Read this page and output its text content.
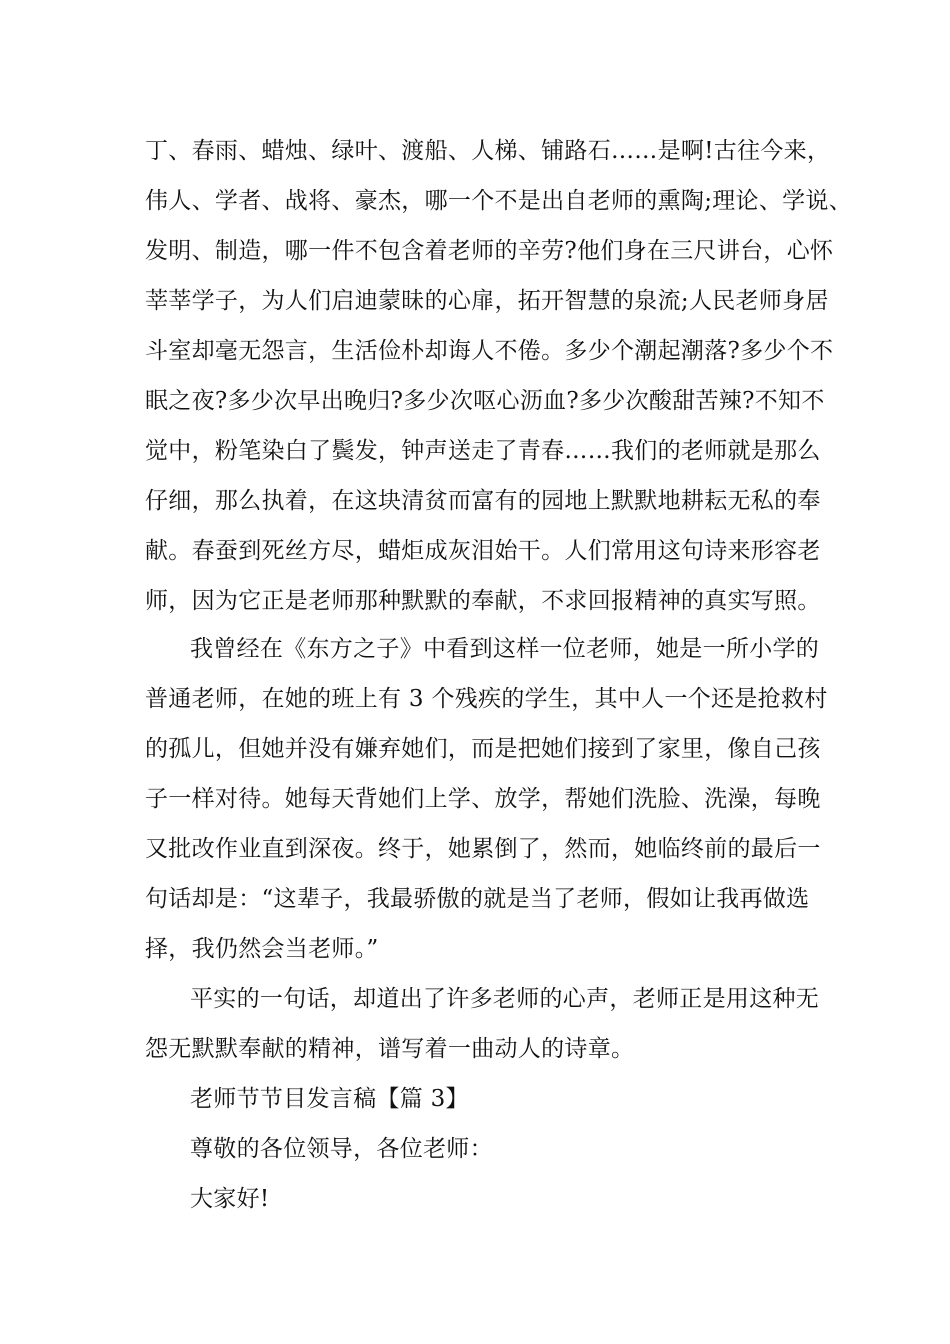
丁、春雨、蜡烛、绿叶、渡船、人梯、铺路石……是啊!古往今来，
伟人、学者、战将、豪杰，哪一个不是出自老师的熏陶;理论、学说、
发明、制造，哪一件不包含着老师的辛劳?他们身在三尺讲台，心怀
莘莘学子，为人们启迪蒙昧的心扉，拓开智慧的泉流;人民老师身居
斗室却毫无怨言，生活俭朴却诲人不倦。多少个潮起潮落?多少个不
眠之夜?多少次早出晚归?多少次呕心沥血?多少次酸甜苦辣?不知不
觉中，粉笔染白了鬓发，钟声送走了青春……我们的老师就是那么
仔细，那么执着，在这块清贫而富有的园地上默默地耕耘无私的奉
献。春蚕到死丝方尽，蜡炬成灰泪始干。人们常用这句诗来形容老
师，因为它正是老师那种默默的奉献，不求回报精神的真实写照。
我曾经在《东方之子》中看到这样一位老师，她是一所小学的
普通老师，在她的班上有 3 个残疾的学生，其中人一个还是抢救村
的孤儿，但她并没有嫌弃她们，而是把她们接到了家里，像自己孩
子一样对待。她每天背她们上学、放学，帮她们洗脸、洗澡，每晚
又批改作业直到深夜。终于，她累倒了，然而，她临终前的最后一
句话却是：“这辈子，我最骄傲的就是当了老师，假如让我再做选
择，我仍然会当老师。”
平实的一句话，却道出了许多老师的心声，老师正是用这种无
怨无默默奉献的精神，谱写着一曲动人的诗章。
老师节节目发言稿【篇 3】
尊敬的各位领导，各位老师：
大家好!
